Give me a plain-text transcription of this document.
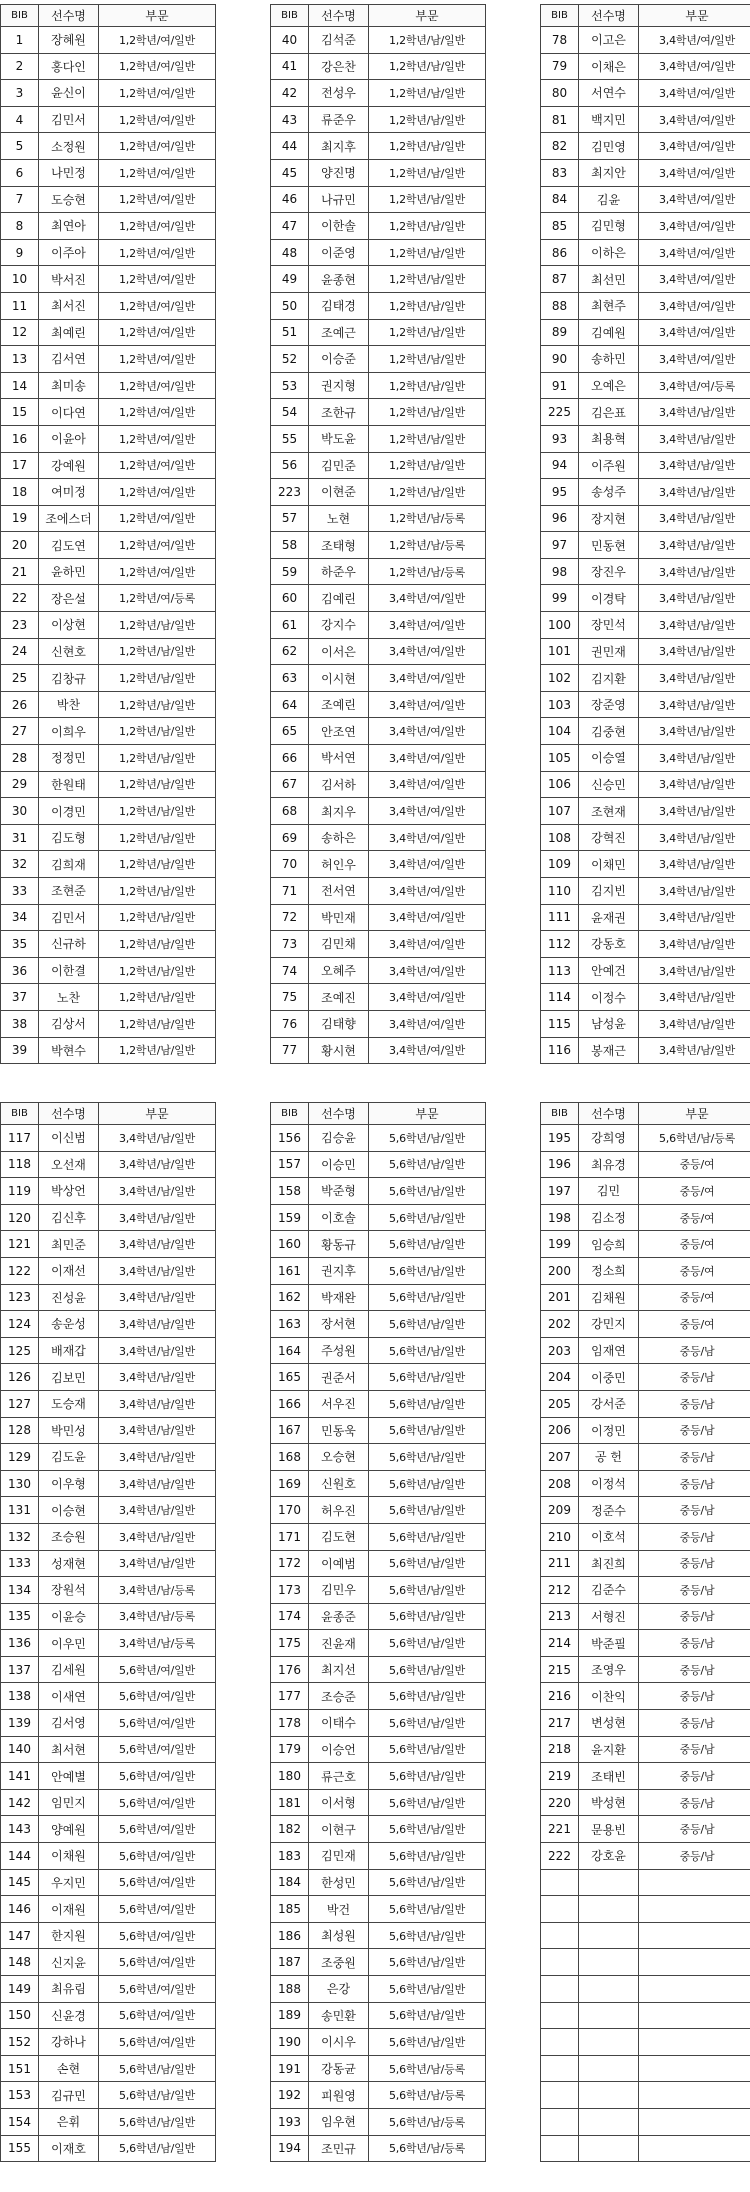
BIB	선수명	부문
1	장혜원	1,2학년/여/일반
2	홍다인	1,2학년/여/일반
3	윤신이	1,2학년/여/일반
4	김민서	1,2학년/여/일반
5	소정원	1,2학년/여/일반
6	나민정	1,2학년/여/일반
7	도승현	1,2학년/여/일반
8	최연아	1,2학년/여/일반
9	이주아	1,2학년/여/일반
10	박서진	1,2학년/여/일반
11	최서진	1,2학년/여/일반
12	최예린	1,2학년/여/일반
13	김서연	1,2학년/여/일반
14	최미송	1,2학년/여/일반
15	이다연	1,2학년/여/일반
16	이윤아	1,2학년/여/일반
17	강예원	1,2학년/여/일반
18	여미정	1,2학년/여/일반
19	조에스더	1,2학년/여/일반
20	김도연	1,2학년/여/일반
21	윤하민	1,2학년/여/일반
22	장은설	1,2학년/여/등록
23	이상현	1,2학년/남/일반
24	신현호	1,2학년/남/일반
25	김창규	1,2학년/남/일반
26	박찬	1,2학년/남/일반
27	이희우	1,2학년/남/일반
28	정정민	1,2학년/남/일반
29	한원태	1,2학년/남/일반
30	이경민	1,2학년/남/일반
31	김도형	1,2학년/남/일반
32	김희재	1,2학년/남/일반
33	조현준	1,2학년/남/일반
34	김민서	1,2학년/남/일반
35	신규하	1,2학년/남/일반
36	이한결	1,2학년/남/일반
37	노찬	1,2학년/남/일반
38	김상서	1,2학년/남/일반
39	박현수	1,2학년/남/일반
BIB	선수명	부문
40	김석준	1,2학년/남/일반
41	강은찬	1,2학년/남/일반
42	전성우	1,2학년/남/일반
43	류준우	1,2학년/남/일반
44	최지후	1,2학년/남/일반
45	양진명	1,2학년/남/일반
46	나규민	1,2학년/남/일반
47	이한솔	1,2학년/남/일반
48	이준영	1,2학년/남/일반
49	윤종현	1,2학년/남/일반
50	김태경	1,2학년/남/일반
51	조예근	1,2학년/남/일반
52	이승준	1,2학년/남/일반
53	권지형	1,2학년/남/일반
54	조한규	1,2학년/남/일반
55	박도윤	1,2학년/남/일반
56	김민준	1,2학년/남/일반
223	이현준	1,2학년/남/일반
57	노현	1,2학년/남/등록
58	조태형	1,2학년/남/등록
59	하준우	1,2학년/남/등록
60	김예린	3,4학년/여/일반
61	강지수	3,4학년/여/일반
62	이서은	3,4학년/여/일반
63	이시현	3,4학년/여/일반
64	조예린	3,4학년/여/일반
65	안조연	3,4학년/여/일반
66	박서연	3,4학년/여/일반
67	김서하	3,4학년/여/일반
68	최지우	3,4학년/여/일반
69	송하은	3,4학년/여/일반
70	허인우	3,4학년/여/일반
71	전서연	3,4학년/여/일반
72	박민재	3,4학년/여/일반
73	김민채	3,4학년/여/일반
74	오혜주	3,4학년/여/일반
75	조예진	3,4학년/여/일반
76	김태향	3,4학년/여/일반
77	황시현	3,4학년/여/일반
BIB	선수명	부문
78	이고은	3,4학년/여/일반
79	이채은	3,4학년/여/일반
80	서연수	3,4학년/여/일반
81	백지민	3,4학년/여/일반
82	김민영	3,4학년/여/일반
83	최지안	3,4학년/여/일반
84	김윤	3,4학년/여/일반
85	김민형	3,4학년/여/일반
86	이하은	3,4학년/여/일반
87	최선민	3,4학년/여/일반
88	최현주	3,4학년/여/일반
89	김예원	3,4학년/여/일반
90	송하민	3,4학년/여/일반
91	오예은	3,4학년/여/등록
225	김은표	3,4학년/남/일반
93	최용혁	3,4학년/남/일반
94	이주원	3,4학년/남/일반
95	송성주	3,4학년/남/일반
96	장지현	3,4학년/남/일반
97	민동현	3,4학년/남/일반
98	장진우	3,4학년/남/일반
99	이경탁	3,4학년/남/일반
100	장민석	3,4학년/남/일반
101	권민재	3,4학년/남/일반
102	김지환	3,4학년/남/일반
103	장준영	3,4학년/남/일반
104	김중현	3,4학년/남/일반
105	이승열	3,4학년/남/일반
106	신승민	3,4학년/남/일반
107	조현재	3,4학년/남/일반
108	강혁진	3,4학년/남/일반
109	이채민	3,4학년/남/일반
110	김지빈	3,4학년/남/일반
111	윤재권	3,4학년/남/일반
112	강동호	3,4학년/남/일반
113	안예건	3,4학년/남/일반
114	이정수	3,4학년/남/일반
115	남성윤	3,4학년/남/일반
116	봉재근	3,4학년/남/일반
BIB	선수명	부문
117	이신범	3,4학년/남/일반
118	오선재	3,4학년/남/일반
119	박상언	3,4학년/남/일반
120	김신후	3,4학년/남/일반
121	최민준	3,4학년/남/일반
122	이재선	3,4학년/남/일반
123	진성윤	3,4학년/남/일반
124	송운성	3,4학년/남/일반
125	배재갑	3,4학년/남/일반
126	김보민	3,4학년/남/일반
127	도승재	3,4학년/남/일반
128	박민성	3,4학년/남/일반
129	김도윤	3,4학년/남/일반
130	이우형	3,4학년/남/일반
131	이승현	3,4학년/남/일반
132	조승원	3,4학년/남/일반
133	성재현	3,4학년/남/일반
134	장원석	3,4학년/남/등록
135	이윤승	3,4학년/남/등록
136	이우민	3,4학년/남/등록
137	김세원	5,6학년/여/일반
138	이새연	5,6학년/여/일반
139	김서영	5,6학년/여/일반
140	최서현	5,6학년/여/일반
141	안예별	5,6학년/여/일반
142	임민지	5,6학년/여/일반
143	양예원	5,6학년/여/일반
144	이채원	5,6학년/여/일반
145	우지민	5,6학년/여/일반
146	이재원	5,6학년/여/일반
147	한지원	5,6학년/여/일반
148	신지윤	5,6학년/여/일반
149	최유림	5,6학년/여/일반
150	신윤경	5,6학년/여/일반
152	강하나	5,6학년/여/일반
151	손현	5,6학년/남/일반
153	김규민	5,6학년/남/일반
154	은휘	5,6학년/남/일반
155	이재호	5,6학년/남/일반
BIB	선수명	부문
156	김승윤	5,6학년/남/일반
157	이승민	5,6학년/남/일반
158	박준형	5,6학년/남/일반
159	이호솔	5,6학년/남/일반
160	황동규	5,6학년/남/일반
161	권지후	5,6학년/남/일반
162	박재완	5,6학년/남/일반
163	장서현	5,6학년/남/일반
164	주성원	5,6학년/남/일반
165	권준서	5,6학년/남/일반
166	서우진	5,6학년/남/일반
167	민동욱	5,6학년/남/일반
168	오승현	5,6학년/남/일반
169	신원호	5,6학년/남/일반
170	허우진	5,6학년/남/일반
171	김도현	5,6학년/남/일반
172	이예범	5,6학년/남/일반
173	김민우	5,6학년/남/일반
174	윤종준	5,6학년/남/일반
175	진윤재	5,6학년/남/일반
176	최지선	5,6학년/남/일반
177	조승준	5,6학년/남/일반
178	이태수	5,6학년/남/일반
179	이승언	5,6학년/남/일반
180	류근호	5,6학년/남/일반
181	이서형	5,6학년/남/일반
182	이현구	5,6학년/남/일반
183	김민재	5,6학년/남/일반
184	한성민	5,6학년/남/일반
185	박건	5,6학년/남/일반
186	최성원	5,6학년/남/일반
187	조중원	5,6학년/남/일반
188	은강	5,6학년/남/일반
189	송민환	5,6학년/남/일반
190	이시우	5,6학년/남/일반
191	강동균	5,6학년/남/등록
192	피원영	5,6학년/남/등록
193	임우현	5,6학년/남/등록
194	조민규	5,6학년/남/등록
BIB	선수명	부문
195	강희영	5,6학년/남/등록
196	최유경	중등/여
197	김민	중등/여
198	김소정	중등/여
199	임승희	중등/여
200	정소희	중등/여
201	김채원	중등/여
202	강민지	중등/여
203	임재연	중등/남
204	이중민	중등/남
205	강서준	중등/남
206	이정민	중등/남
207	공 헌	중등/남
208	이정석	중등/남
209	정준수	중등/남
210	이호석	중등/남
211	최진희	중등/남
212	김준수	중등/남
213	서형진	중등/남
214	박준필	중등/남
215	조영우	중등/남
216	이찬익	중등/남
217	변성현	중등/남
218	윤지환	중등/남
219	조태빈	중등/남
220	박성현	중등/남
221	문용빈	중등/남
222	강호윤	중등/남
